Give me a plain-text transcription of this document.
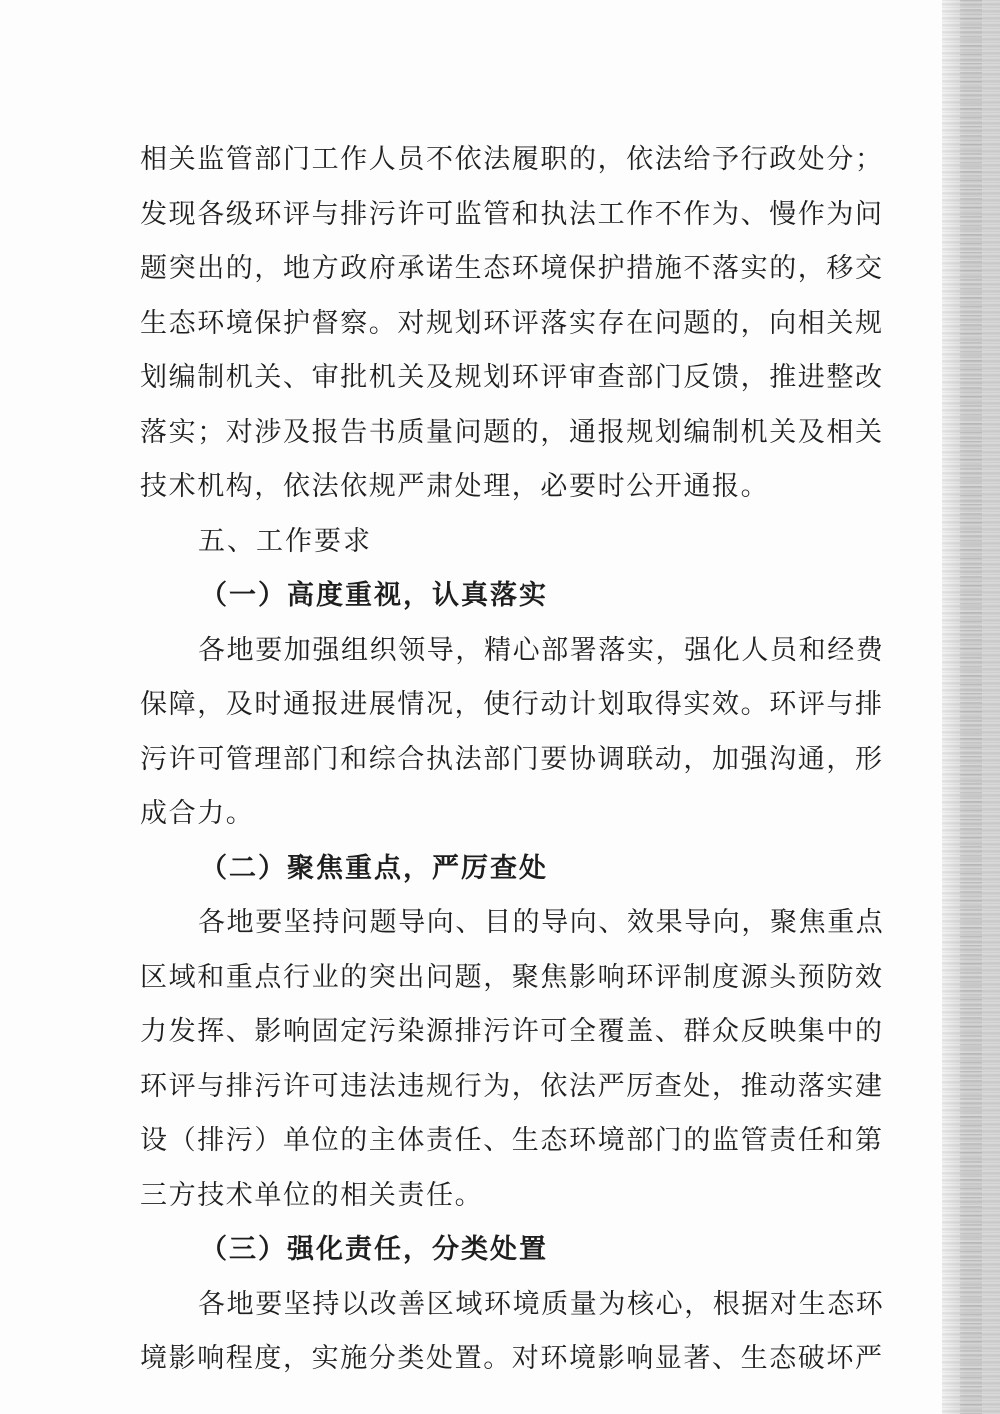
相关监管部门工作人员不依法履职的，依法给予行政处分；
发现各级环评与排污许可监管和执法工作不作为、慢作为问
题突出的，地方政府承诺生态环境保护措施不落实的，移交
生态环境保护督察。对规划环评落实存在问题的，向相关规
划编制机关、审批机关及规划环评审查部门反馈，推进整改
落实；对涉及报告书质量问题的，通报规划编制机关及相关
技术机构，依法依规严肃处理，必要时公开通报。
五、工作要求
（一）高度重视，认真落实
各地要加强组织领导，精心部署落实，强化人员和经费
保障，及时通报进展情况，使行动计划取得实效。环评与排
污许可管理部门和综合执法部门要协调联动，加强沟通，形
成合力。
（二）聚焦重点，严厉查处
各地要坚持问题导向、目的导向、效果导向，聚焦重点
区域和重点行业的突出问题，聚焦影响环评制度源头预防效
力发挥、影响固定污染源排污许可全覆盖、群众反映集中的
环评与排污许可违法违规行为，依法严厉查处，推动落实建
设（排污）单位的主体责任、生态环境部门的监管责任和第
三方技术单位的相关责任。
（三）强化责任，分类处置
各地要坚持以改善区域环境质量为核心，根据对生态环
境影响程度，实施分类处置。对环境影响显著、生态破坏严
